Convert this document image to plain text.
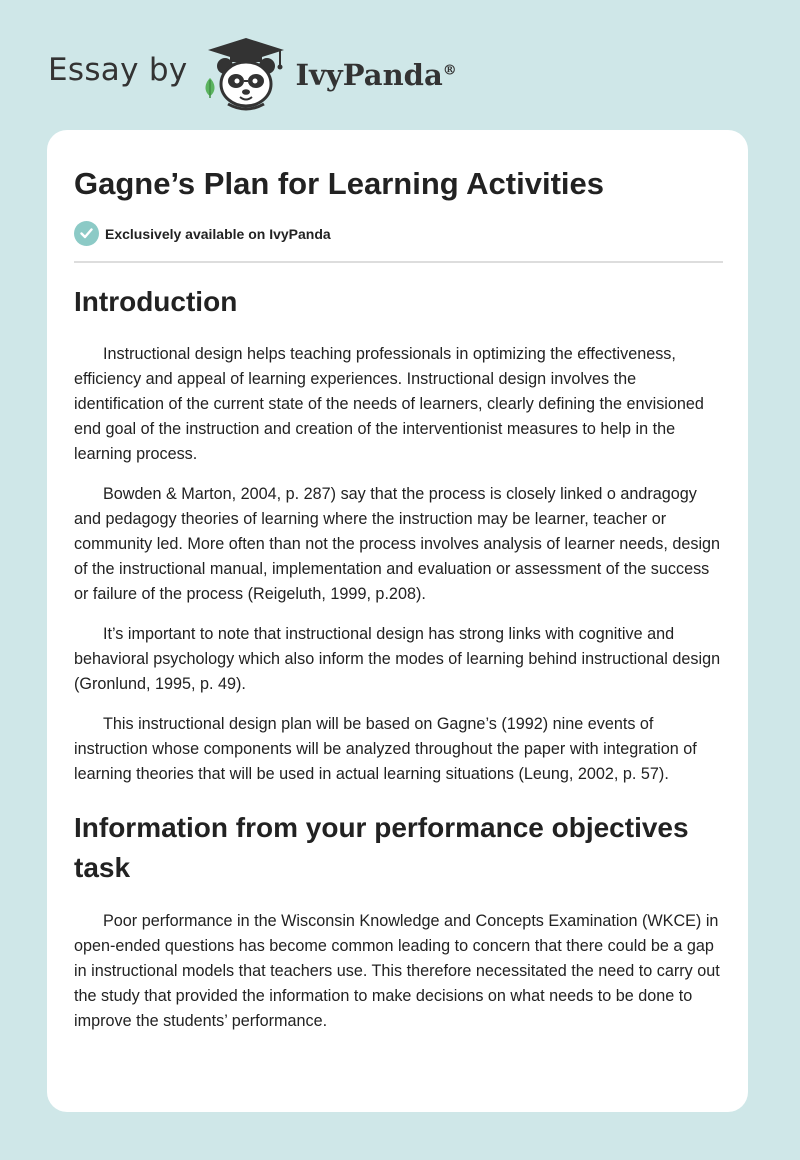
Essay by	IvyPanda®
Gagne’s Plan for Learning Activities
Exclusively available on IvyPanda
Introduction

Instructional design helps teaching professionals in optimizing the effectiveness, efficiency and appeal of learning experiences. Instructional design involves the identification of the current state of the needs of learners, clearly defining the envisioned end goal of the instruction and creation of the interventionist measures to help in the learning process.

Bowden & Marton, 2004, p. 287) say that the process is closely linked o andragogy and pedagogy theories of learning where the instruction may be learner, teacher or community led. More often than not the process involves analysis of learner needs, design of the instructional manual, implementation and evaluation or assessment of the success or failure of the process (Reigeluth, 1999, p.208).

It’s important to note that instructional design has strong links with cognitive and behavioral psychology which also inform the modes of learning behind instructional design (Gronlund, 1995, p. 49).

This instructional design plan will be based on Gagne’s (1992) nine events of instruction whose components will be analyzed throughout the paper with integration of learning theories that will be used in actual learning situations (Leung, 2002, p. 57).

Information from your performance objectives task

Poor performance in the Wisconsin Knowledge and Concepts Examination (WKCE) in open-ended questions has become common leading to concern that there could be a gap in instructional models that teachers use. This therefore necessitated the need to carry out the study that provided the information to make decisions on what needs to be done to improve the students’ performance.
